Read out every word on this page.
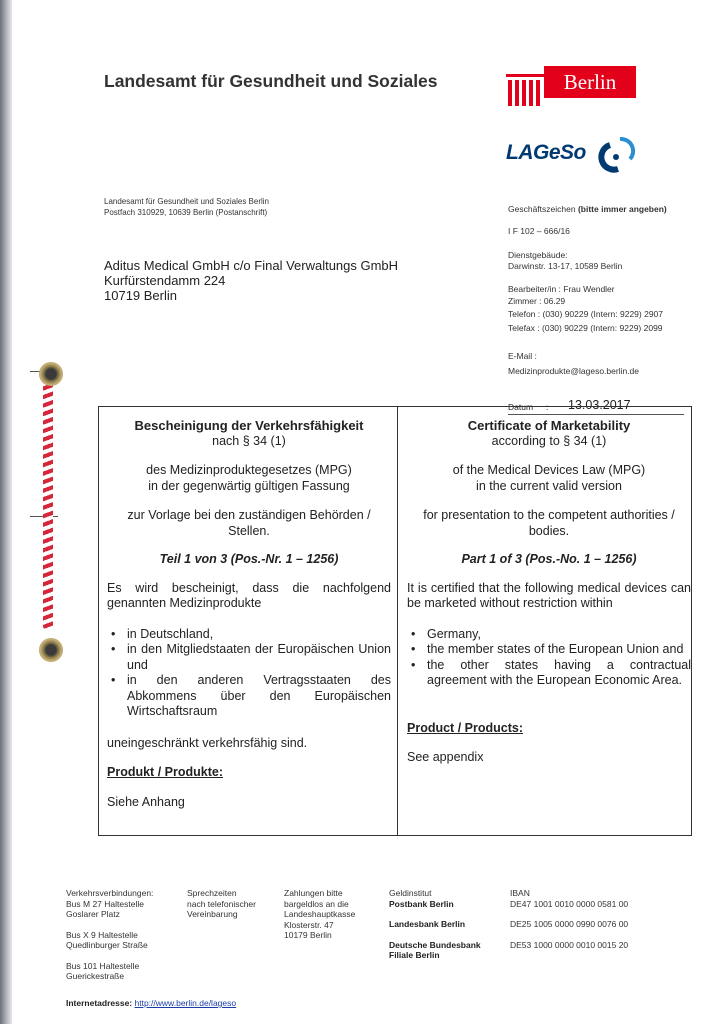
Landesamt für Gesundheit und Soziales	Berlin
LAGeSo
Landesamt für Gesundheit und Soziales Berlin
Postfach 310929, 10639 Berlin (Postanschrift)
Aditus Medical GmbH c/o Final Verwaltungs GmbH
Kurfürstendamm 224
10719 Berlin
Geschäftszeichen (bitte immer angeben)
I F 102 – 666/16
Dienstgebäude:
Darwinstr. 13-17, 10589 Berlin
Bearbeiter/in : Frau Wendler
Zimmer : 06.29
Telefon : (030) 90229 (Intern: 9229) 2907
Telefax : (030) 90229 (Intern: 9229) 2099
E-Mail :
Medizinprodukte@lageso.berlin.de
Datum : 13.03.2017
Bescheinigung der Verkehrsfähigkeit
nach § 34 (1)
des Medizinproduktegesetzes (MPG)
in der gegenwärtig gültigen Fassung
zur Vorlage bei den zuständigen Behörden /
Stellen.
Teil 1 von 3 (Pos.-Nr. 1 – 1256)
Es wird bescheinigt, dass die nachfolgend genannten Medizinprodukte
• in Deutschland,
• in den Mitgliedstaaten der Europäischen Union und
• in den anderen Vertragsstaaten des Abkommens über den Europäischen Wirtschaftsraum
uneingeschränkt verkehrsfähig sind.
Produkt / Produkte:
Siehe Anhang
Certificate of Marketability
according to § 34 (1)
of the Medical Devices Law (MPG)
in the current valid version
for presentation to the competent authorities /
bodies.
Part 1 of 3 (Pos.-No. 1 – 1256)
It is certified that the following medical devices can be marketed without restriction within
• Germany,
• the member states of the European Union and
• the other states having a contractual agreement with the European Economic Area.
Product / Products:
See appendix
Verkehrsverbindungen:
Bus M 27 Haltestelle
Goslarer Platz
Bus X 9 Haltestelle
Quedlinburger Straße
Bus 101 Haltestelle
Guerickestraße
Sprechzeiten
nach telefonischer
Vereinbarung
Zahlungen bitte
bargeldlos an die
Landeshauptkasse
Klosterstr. 47
10179 Berlin
Geldinstitut
Postbank Berlin
Landesbank Berlin
Deutsche Bundesbank
Filiale Berlin
IBAN
DE47 1001 0010 0000 0581 00
DE25 1005 0000 0990 0076 00
DE53 1000 0000 0010 0015 20
Internetadresse: http://www.berlin.de/lageso
